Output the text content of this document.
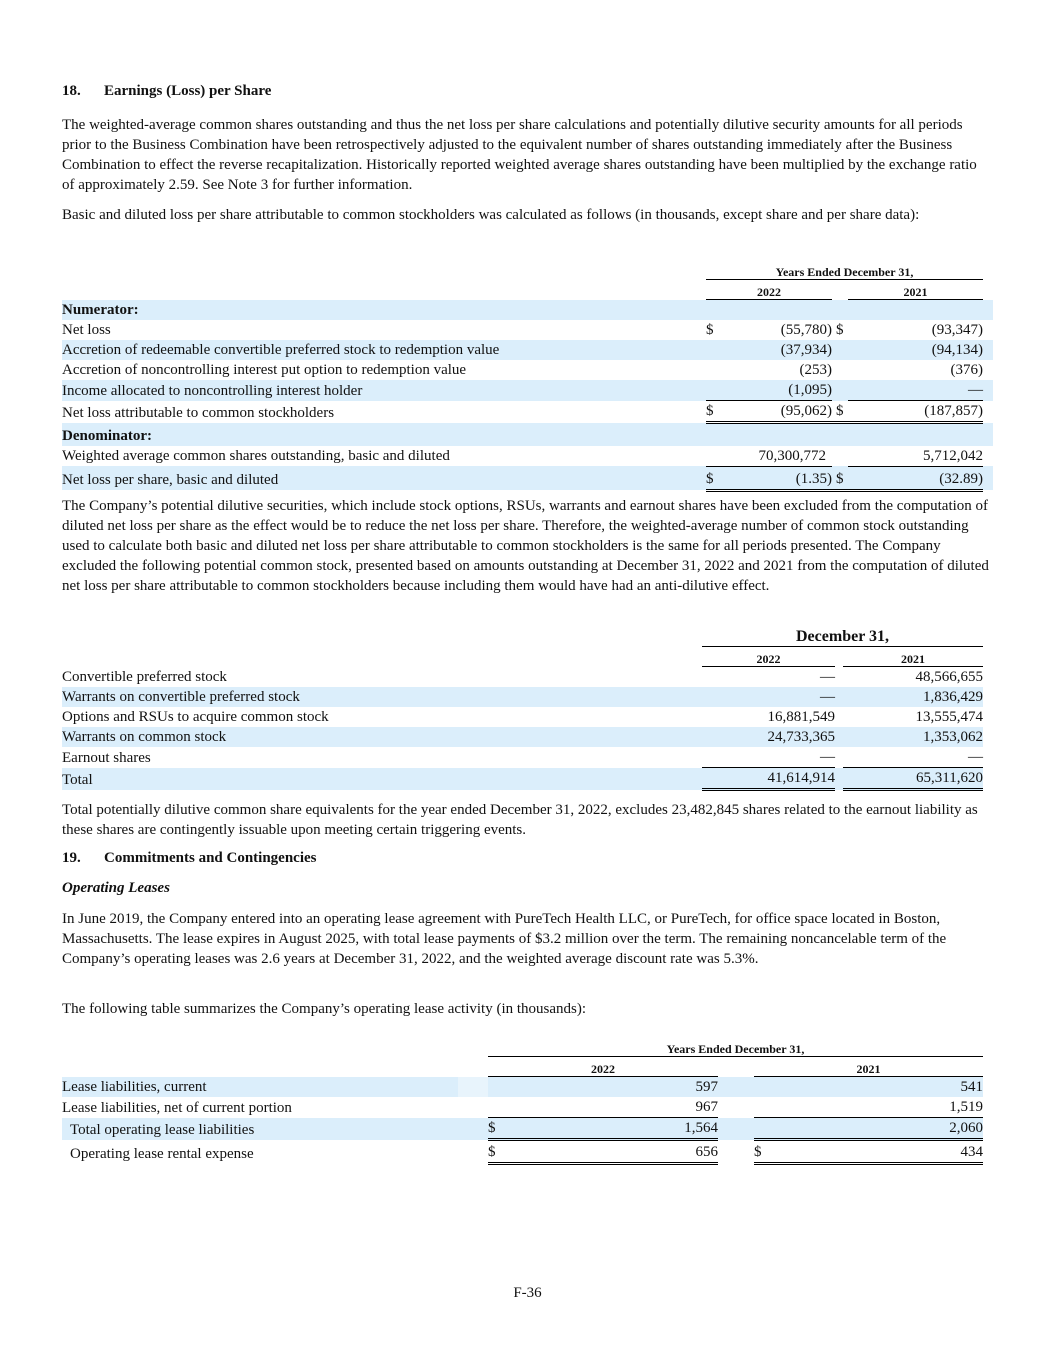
18. Earnings (Loss) per Share

The weighted-average common shares outstanding and thus the net loss per share calculations and potentially dilutive security amounts for all periods prior to the Business Combination have been retrospectively adjusted to the equivalent number of shares outstanding immediately after the Business Combination to effect the reverse recapitalization. Historically reported weighted average shares outstanding have been multiplied by the exchange ratio of approximately 2.59. See Note 3 for further information.

Basic and diluted loss per share attributable to common stockholders was calculated as follows (in thousands, except share and per share data):

		Years Ended December 31,					
		2022			2021		
Numerator:							
Net loss		$	(55,780)	$		(93,347)	
Accretion of redeemable convertible preferred stock to redemption value			(37,934)			(94,134)	
Accretion of noncontrolling interest put option to redemption value			(253)			(376)	
Income allocated to noncontrolling interest holder			(1,095)			—	
Net loss attributable to common stockholders		$	(95,062)	$		(187,857)	
Denominator:							
Weighted average common shares outstanding, basic and diluted			70,300,772			5,712,042	
Net loss per share, basic and diluted		$	(1.35)	$		(32.89)	

The Company’s potential dilutive securities, which include stock options, RSUs, warrants and earnout shares have been excluded from the computation of diluted net loss per share as the effect would be to reduce the net loss per share. Therefore, the weighted-average number of common stock outstanding used to calculate both basic and diluted net loss per share attributable to common stockholders is the same for all periods presented. The Company excluded the following potential common stock, presented based on amounts outstanding at December 31, 2022 and 2021 from the computation of diluted net loss per share attributable to common stockholders because including them would have had an anti-dilutive effect.

	December 31,		
	2022		2021
Convertible preferred stock	—		48,566,655
Warrants on convertible preferred stock	—		1,836,429
Options and RSUs to acquire common stock	16,881,549		13,555,474
Warrants on common stock	24,733,365		1,353,062
Earnout shares	—		—
Total	41,614,914		65,311,620

Total potentially dilutive common share equivalents for the year ended December 31, 2022, excludes 23,482,845 shares related to the earnout liability as these shares are contingently issuable upon meeting certain triggering events.

19. Commitments and Contingencies
Operating Leases

In June 2019, the Company entered into an operating lease agreement with PureTech Health LLC, or PureTech, for office space located in Boston, Massachusetts. The lease expires in August 2025, with total lease payments of $3.2 million over the term. The remaining noncancelable term of the Company’s operating leases was 2.6 years at December 31, 2022, and the weighted average discount rate was 5.3%.

The following table summarizes the Company’s operating lease activity (in thousands):

		Years Ended December 31,				
		2022			2021	
Lease liabilities, current			597			541
Lease liabilities, net of current portion			967			1,519
Total operating lease liabilities		$	1,564			2,060
Operating lease rental expense		$	656		$	434
F-36
